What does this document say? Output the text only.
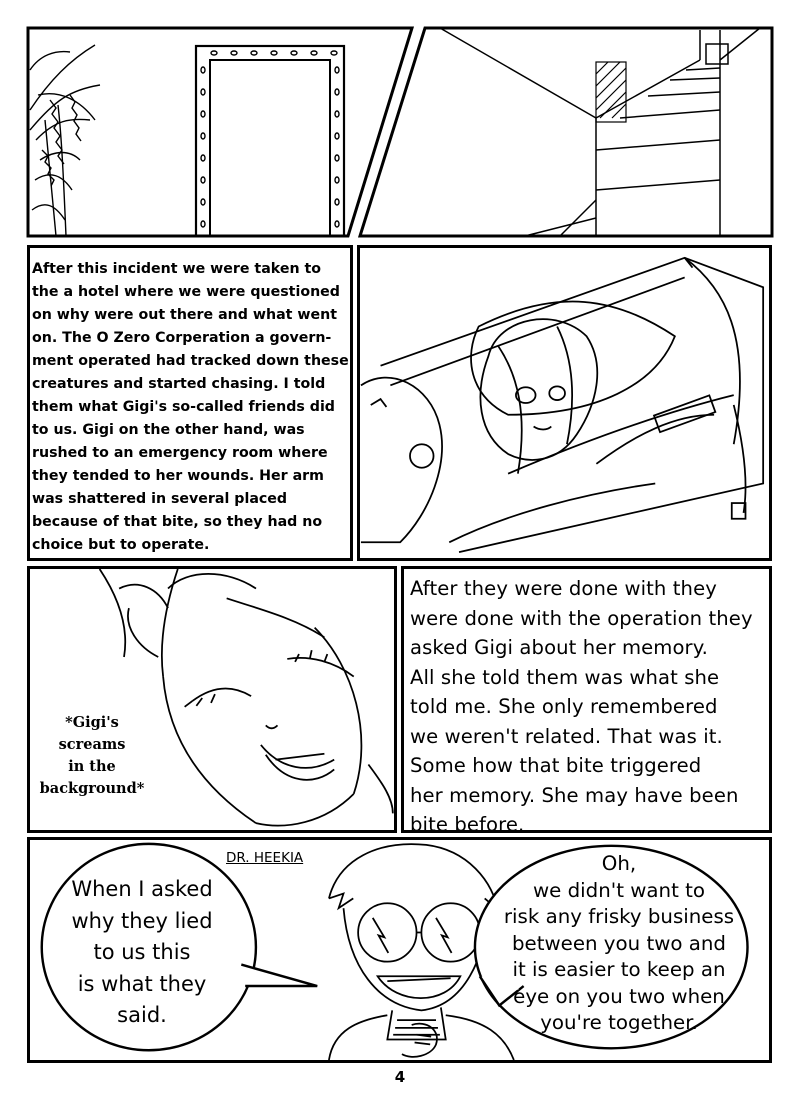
After this incident we were taken to
the a hotel where we were questioned
on why were out there and what went
on. The O Zero Corperation a govern-
ment operated had tracked down these
creatures and started chasing. I told
them what Gigi's so-called friends did
to us. Gigi on the other hand, was
rushed to an emergency room where
they tended to her wounds. Her arm
was shattered in several placed
because of that bite, so they had no
choice but to operate.
*Gigi's
screams
in the
background*
After they were done with they
were done with the operation they
asked Gigi about her memory.
All she told them was what she
told me. She only remembered
we weren't related. That was it.
Some how that bite triggered
her memory. She may have been
bite before.
DR. HEEKIA
When I asked
why they lied
to us this
is what they
said.
Oh,
we didn't want to
risk any frisky business
between you two and
it is easier to keep an
eye on you two when
you're together.
4
